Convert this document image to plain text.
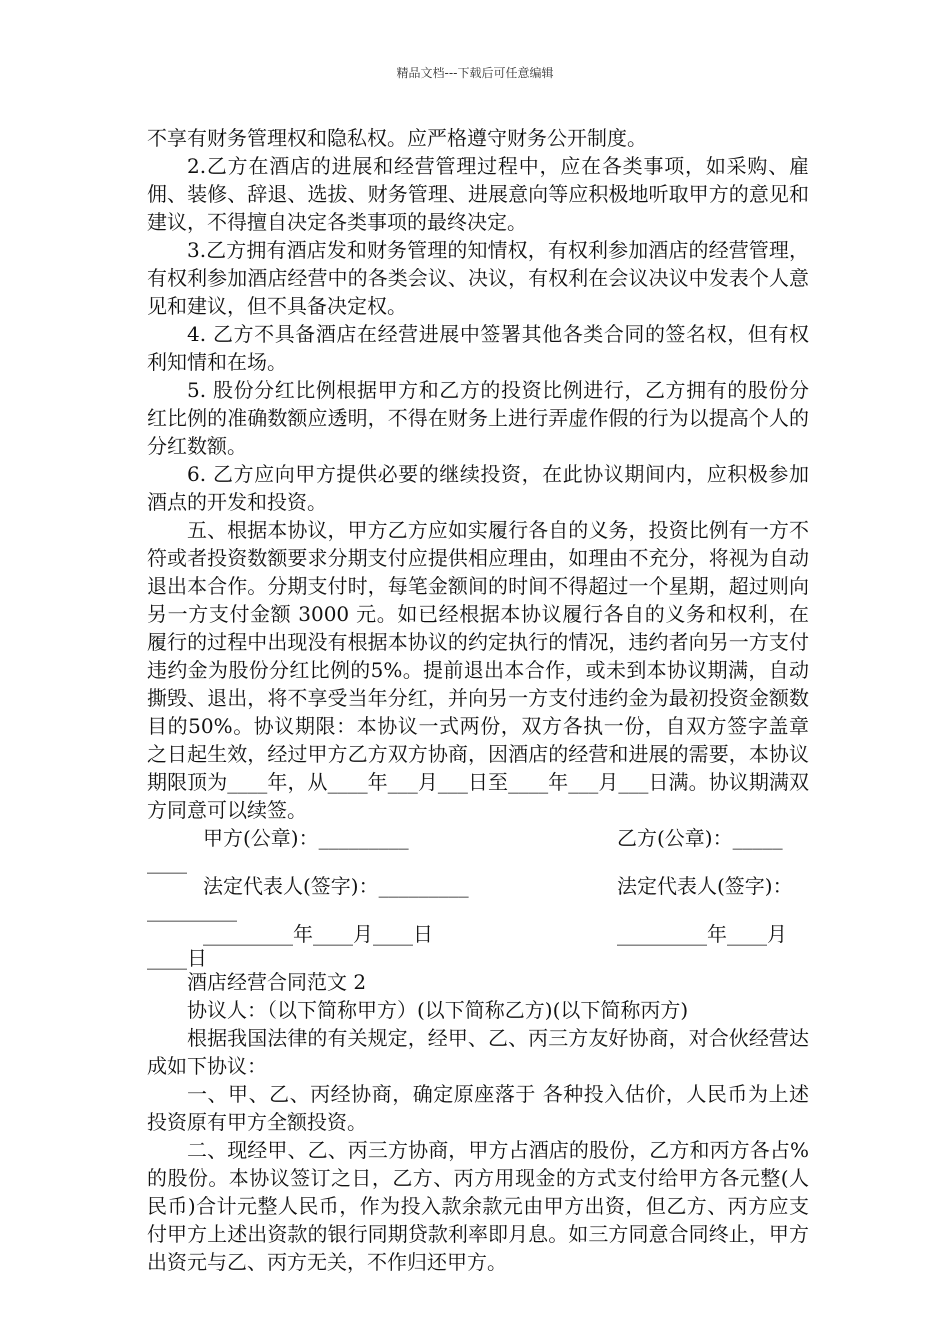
精品文档---下载后可任意编辑

不享有财务管理权和隐私权。应严格遵守财务公开制度。

2.乙方在酒店的进展和经营管理过程中，应在各类事项，如采购、雇佣、装修、辞退、选拔、财务管理、进展意向等应积极地听取甲方的意见和建议，不得擅自决定各类事项的最终决定。

3.乙方拥有酒店发和财务管理的知情权，有权利参加酒店的经营管理，有权利参加酒店经营中的各类会议、决议，有权利在会议决议中发表个人意见和建议，但不具备决定权。

4. 乙方不具备酒店在经营进展中签署其他各类合同的签名权，但有权利知情和在场。

5. 股份分红比例根据甲方和乙方的投资比例进行，乙方拥有的股份分红比例的准确数额应透明，不得在财务上进行弄虚作假的行为以提高个人的分红数额。

6. 乙方应向甲方提供必要的继续投资，在此协议期间内，应积极参加酒点的开发和投资。

五、根据本协议，甲方乙方应如实履行各自的义务，投资比例有一方不符或者投资数额要求分期支付应提供相应理由，如理由不充分，将视为自动退出本合作。分期支付时，每笔金额间的时间不得超过一个星期，超过则向另一方支付金额 3000 元。如已经根据本协议履行各自的义务和权利，在履行的过程中出现没有根据本协议的约定执行的情况，违约者向另一方支付违约金为股份分红比例的5%。提前退出本合作，或未到本协议期满，自动撕毁、退出，将不享受当年分红，并向另一方支付违约金为最初投资金额数目的50%。协议期限：本协议一式两份，双方各执一份，自双方签字盖章之日起生效，经过甲方乙方双方协商，因酒店的经营和进展的需要，本协议期限顶为____年，从____年___月___日至____年___月___日满。协议期满双方同意可以续签。

甲方(公章)：_________	乙方(公章)：_____
____
法定代表人(签字)：_________	法定代表人(签字)：
_________
_________年____月____日	_________年____月
____日

酒店经营合同范文 2

协议人：（以下简称甲方）(以下简称乙方)(以下简称丙方)

根据我国法律的有关规定，经甲、乙、丙三方友好协商，对合伙经营达成如下协议：

一、甲、乙、丙经协商，确定原座落于 各种投入估价，人民币为上述投资原有甲方全额投资。

二、现经甲、乙、丙三方协商，甲方占酒店的股份，乙方和丙方各占%的股份。本协议签订之日，乙方、丙方用现金的方式支付给甲方各元整(人民币)合计元整人民币，作为投入款余款元由甲方出资，但乙方、丙方应支付甲方上述出资款的银行同期贷款利率即月息。如三方同意合同终止，甲方出资元与乙、丙方无关，不作归还甲方。
